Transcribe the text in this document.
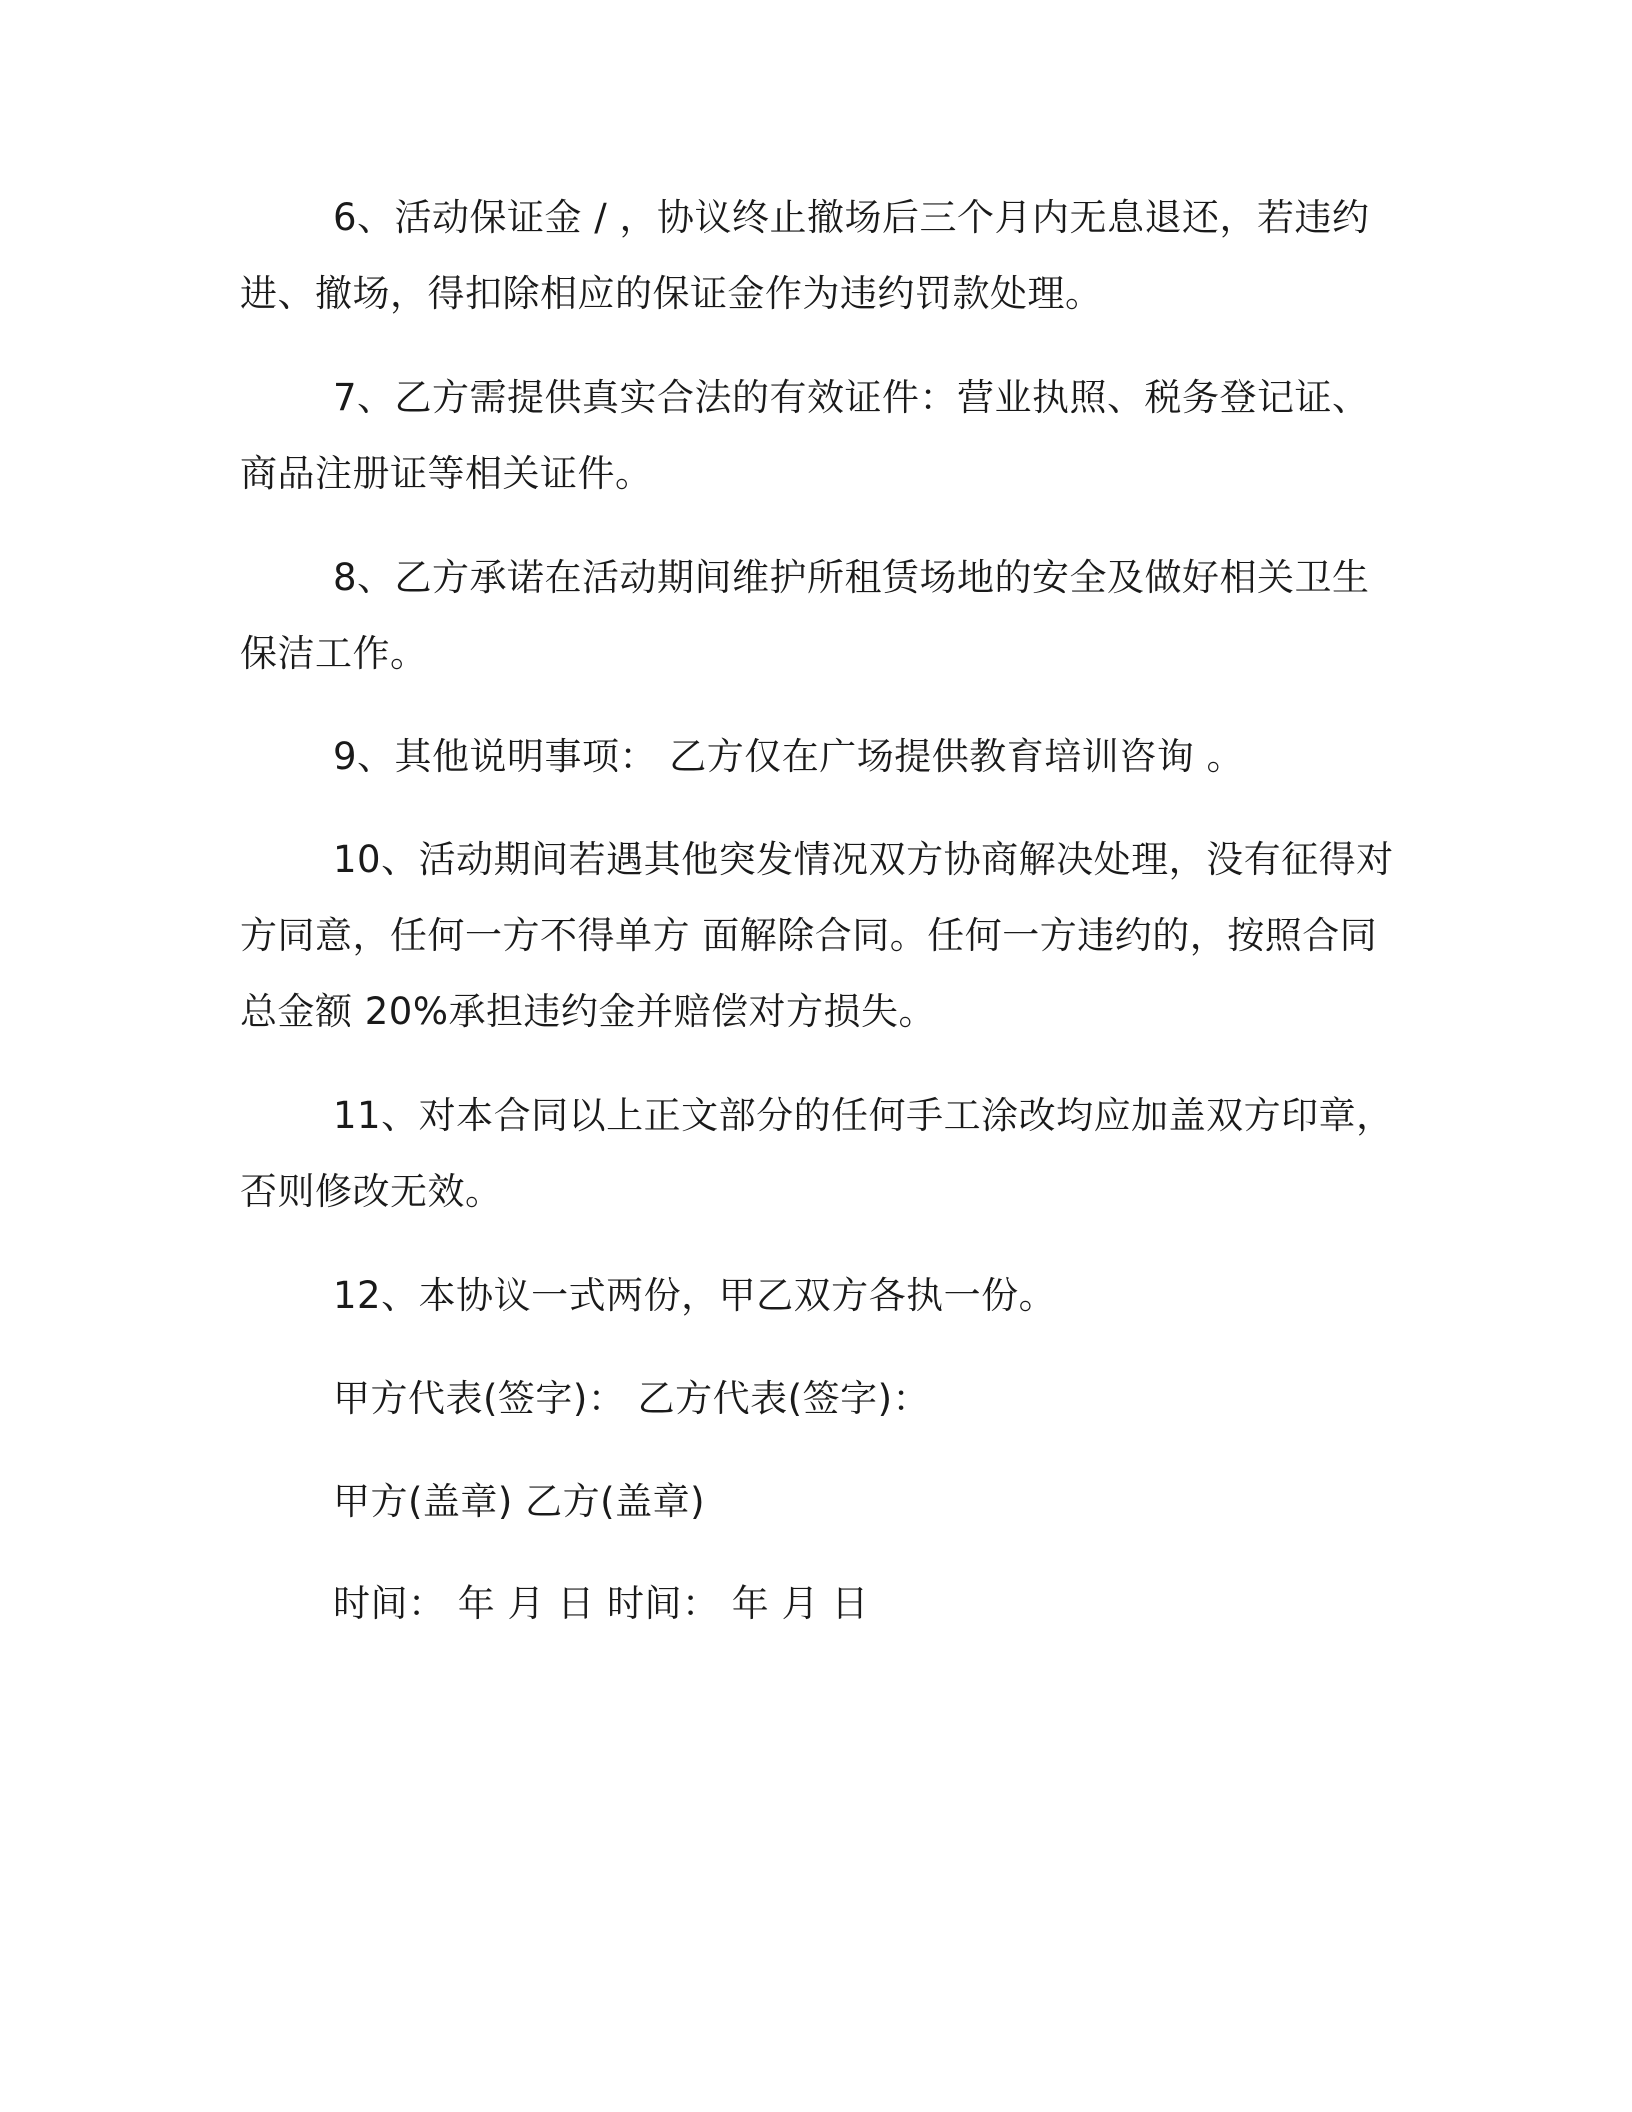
6、活动保证金 / ，协议终止撤场后三个月内无息退还，若违约
进、撤场，得扣除相应的保证金作为违约罚款处理。
7、乙方需提供真实合法的有效证件：营业执照、税务登记证、
商品注册证等相关证件。
8、乙方承诺在活动期间维护所租赁场地的安全及做好相关卫生
保洁工作。
9、其他说明事项： 乙方仅在广场提供教育培训咨询 。
10、活动期间若遇其他突发情况双方协商解决处理，没有征得对
方同意，任何一方不得单方 面解除合同。任何一方违约的，按照合同
总金额 20%承担违约金并赔偿对方损失。
11、对本合同以上正文部分的任何手工涂改均应加盖双方印章，
否则修改无效。
12、本协议一式两份，甲乙双方各执一份。
甲方代表(签字)： 乙方代表(签字)：
甲方(盖章) 乙方(盖章)
时间： 年 月 日 时间： 年 月 日
